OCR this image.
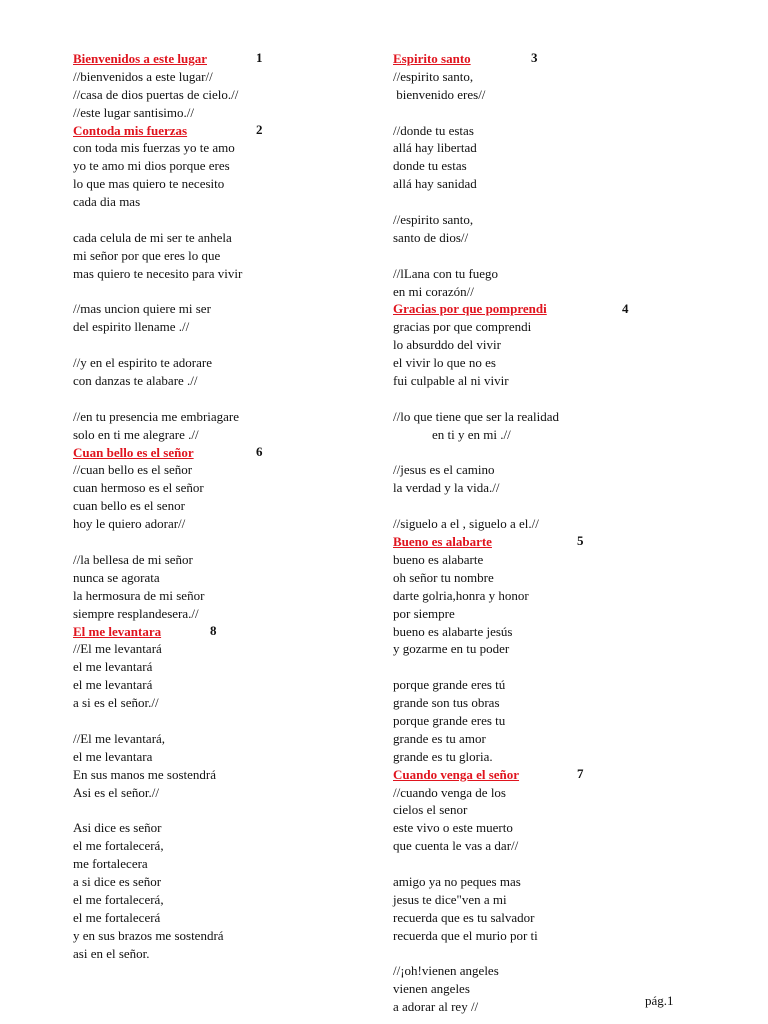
1
Bienvenidos a este lugar
//bienvenidos a este lugar//
//casa de dios puertas de cielo.//
//este lugar santisimo.//
2
Contoda mis fuerzas
con toda mis fuerzas yo te amo
yo te amo mi dios porque eres
lo que mas quiero te necesito
cada dia mas
cada celula de mi ser te anhela
mi señor por que eres lo que
mas quiero te necesito para vivir
//mas uncion quiere mi ser
del espirito llename .//
//y en el espirito te adorare
con danzas te alabare .//
//en tu presencia me embriagare
solo en ti me alegrare .//
6
Cuan bello es el señor
//cuan bello es el señor
cuan hermoso es el señor
cuan bello es el senor
hoy le quiero adorar//
//la bellesa de mi señor
nunca se agorata
la hermosura de mi señor
siempre resplandesera.//
8
El me levantara
//El me levantará
el me levantará
el me levantará
a si es el señor.//
//El me levantará,
el me levantara
En sus manos me sostendrá
Asi es el señor.//
Asi dice es señor
el me fortalecerá,
me fortalecera
a si dice es señor
el me fortalecerá,
el me fortalecerá
y en sus brazos me sostendrá
asi en el señor.
3
Espirito santo
//espirito santo,
bienvenido eres//
//donde tu estas
allá hay libertad
donde tu estas
allá hay sanidad
//espirito santo,
santo de dios//
//lLana con tu fuego
en mi corazón//
4
Gracias por que pomprendi
gracias por que comprendi
lo absurddo del vivir
el vivir lo que no es
fui culpable al ni vivir
//lo que tiene que ser la realidad
en ti y en mi .//
//jesus es el camino
la verdad y la vida.//
//siguelo a el , siguelo a el.//
5
Bueno es alabarte
bueno es alabarte
oh señor tu nombre
darte golria,honra y honor
por siempre
bueno es alabarte jesús
y gozarme en tu poder
porque grande eres tú
grande son tus obras
porque grande eres tu
grande es tu amor
grande es tu gloria.
7
Cuando venga el señor
//cuando venga de los
cielos el senor
este vivo o este muerto
que cuenta le vas a dar//
amigo ya no peques mas
jesus te dice"ven a mi
recuerda que es tu salvador
recuerda que el murio por ti
//¡oh!vienen angeles
vienen angeles
a adorar al rey //	pág.1
